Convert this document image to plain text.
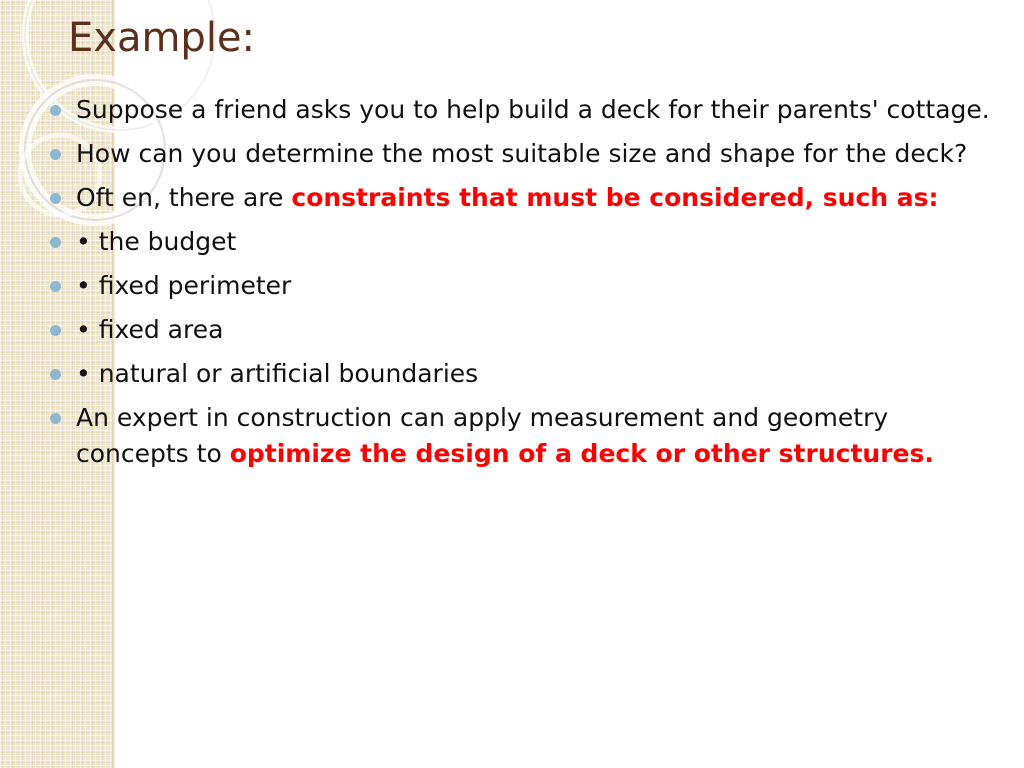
Example:
Suppose a friend asks you to help build a deck for their parents' cottage.
How can you determine the most suitable size and shape for the deck?
Oft en, there are constraints that must be considered, such as:
• the budget
• fixed perimeter
• fixed area
• natural or artificial boundaries
An expert in construction can apply measurement and geometry concepts to optimize the design of a deck or other structures.
